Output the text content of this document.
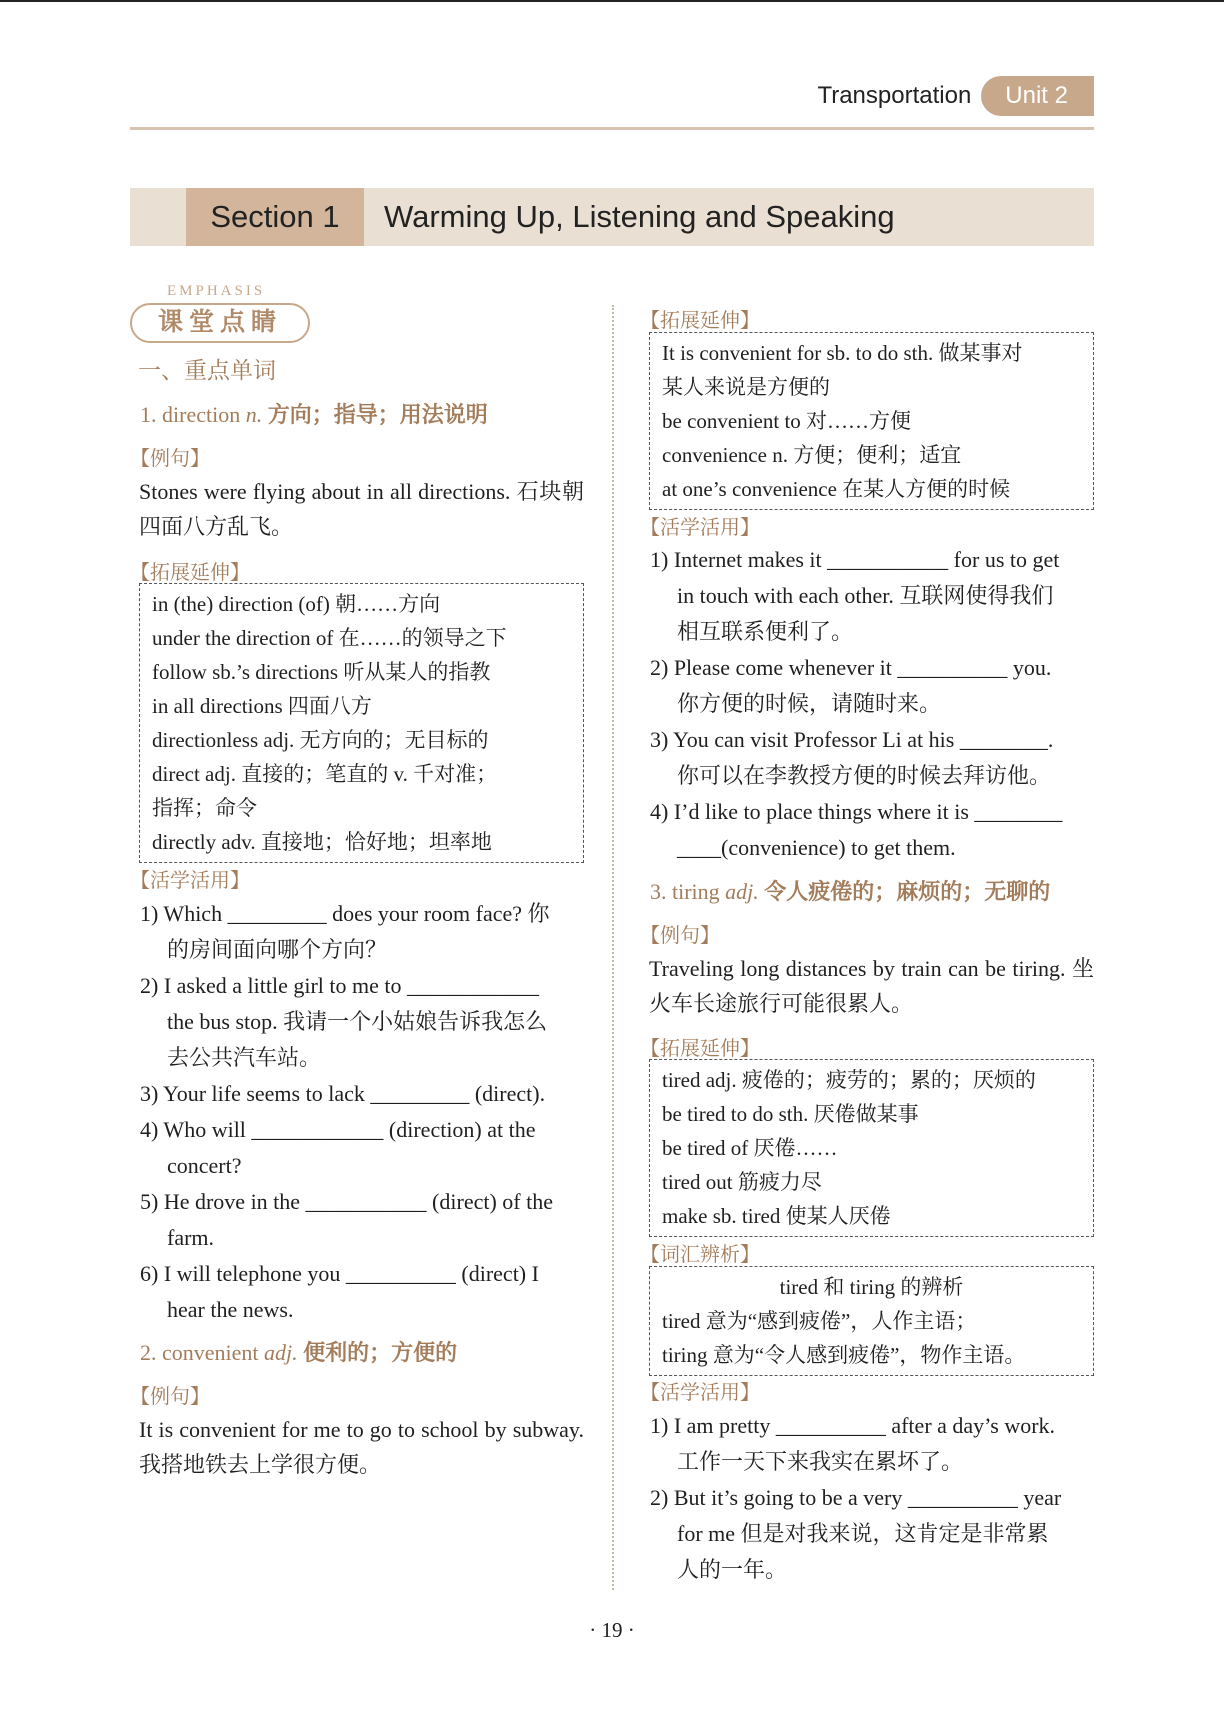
Transportation	Unit 2
Section 1	Warming Up, Listening and Speaking
EMPHASIS
课堂点睛
一、重点单词
1. direction n. 方向；指导；用法说明
【例句】
Stones were flying about in all directions. 石块朝四面八方乱飞。
【拓展延伸】
in (the) direction (of) 朝……方向
under the direction of 在……的领导之下
follow sb.’s directions 听从某人的指教
in all directions 四面八方
directionless adj. 无方向的；无目标的
direct adj. 直接的；笔直的 v. 千对准；
指挥；命令
directly adv. 直接地；恰好地；坦率地
【活学活用】
1) Which _________ does your room face? 你
的房间面向哪个方向？
2) I asked a little girl to me to ____________
the bus stop. 我请一个小姑娘告诉我怎么
去公共汽车站。
3) Your life seems to lack _________ (direct).
4) Who will ____________ (direction) at the
concert?
5) He drove in the ___________ (direct) of the
farm.
6) I will telephone you __________ (direct) I
hear the news.
2. convenient adj. 便利的；方便的
【例句】
It is convenient for me to go to school by subway. 我搭地铁去上学很方便。
【拓展延伸】
It is convenient for sb. to do sth. 做某事对
某人来说是方便的
be convenient to 对……方便
convenience n. 方便；便利；适宜
at one’s convenience 在某人方便的时候
【活学活用】
1) Internet makes it ___________ for us to get
in touch with each other. 互联网使得我们
相互联系便利了。
2) Please come whenever it __________ you.
你方便的时候，请随时来。
3) You can visit Professor Li at his ________.
你可以在李教授方便的时候去拜访他。
4) I’d like to place things where it is ________
____(convenience) to get them.
3. tiring adj. 令人疲倦的；麻烦的；无聊的
【例句】
Traveling long distances by train can be tiring. 坐火车长途旅行可能很累人。
【拓展延伸】
tired adj. 疲倦的；疲劳的；累的；厌烦的
be tired to do sth. 厌倦做某事
be tired of 厌倦……
tired out 筋疲力尽
make sb. tired 使某人厌倦
【词汇辨析】
tired 和 tiring 的辨析
tired 意为“感到疲倦”，人作主语；
tiring 意为“令人感到疲倦”，物作主语。
【活学活用】
1) I am pretty __________ after a day’s work.
工作一天下来我实在累坏了。
2) But it’s going to be a very __________ year
for me 但是对我来说，这肯定是非常累
人的一年。
· 19 ·
